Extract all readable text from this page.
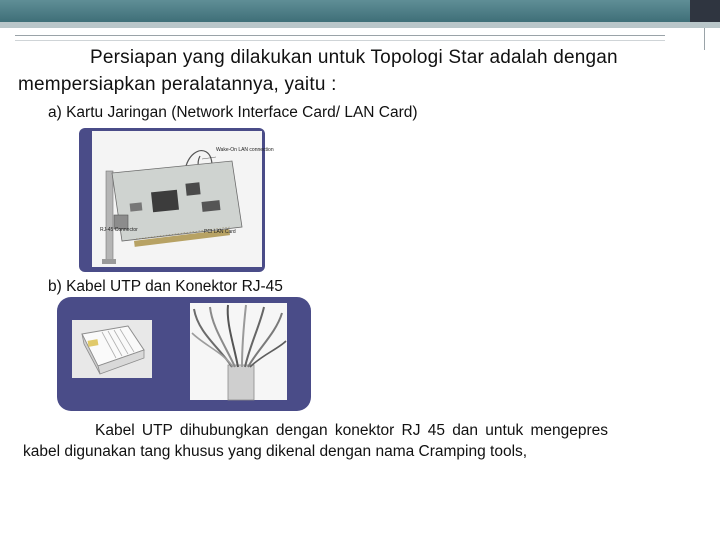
Persiapan yang dilakukan untuk Topologi Star adalah dengan mempersiapkan peralatannya, yaitu :
a) Kartu Jaringan (Network Interface Card/ LAN Card)
Wake-On LAN connection
RJ-45 Connector	PCI LAN Card
b) Kabel UTP dan Konektor RJ-45
Kabel UTP dihubungkan dengan konektor RJ 45 dan untuk mengepres kabel digunakan tang khusus yang dikenal dengan nama Cramping tools,
